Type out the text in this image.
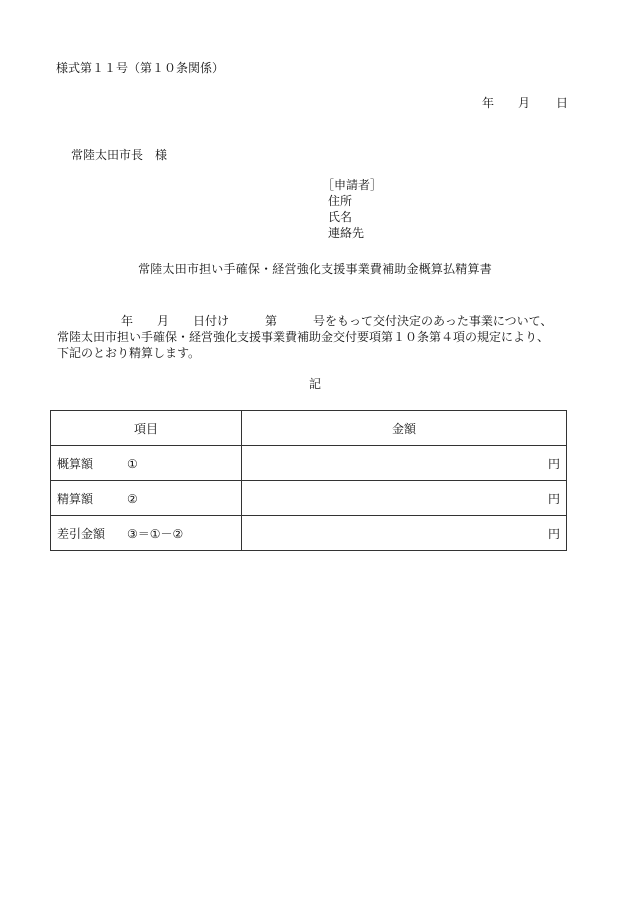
様式第１１号（第１０条関係）
年 月 日
常陸太田市長　様
［申請者］
住所
氏名
連絡先
常陸太田市担い手確保・経営強化支援事業費補助金概算払精算書
年　　月　　日付け　　　第　　　号をもって交付決定のあった事業について、
常陸太田市担い手確保・経営強化支援事業費補助金交付要項第１０条第４項の規定により、
下記のとおり精算します。
記
項目	金額
概算額 ①	円
精算額 ②	円
差引金額 ③＝①－②	円
